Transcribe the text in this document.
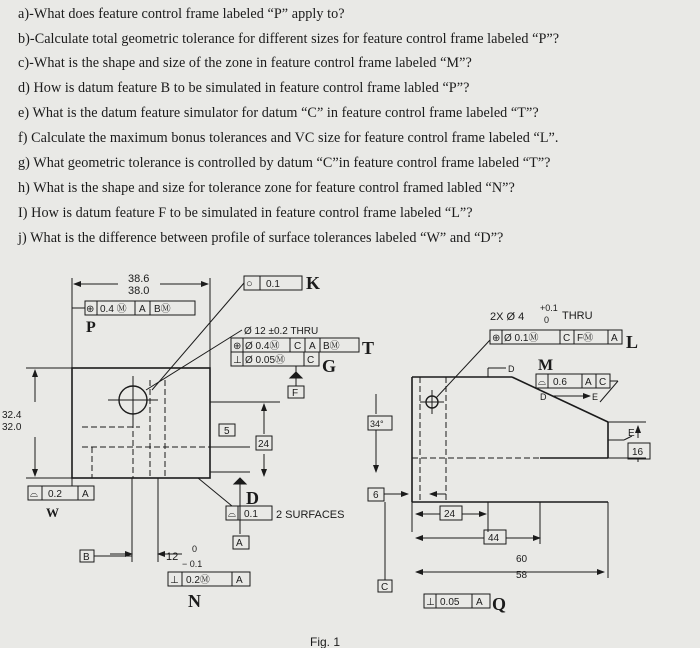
a)-What does feature control frame labeled “P” apply to?
b)-Calculate total geometric tolerance for different sizes for feature control frame labeled “P”?
c)-What is the shape and size of the zone in feature control frame labeled “M”?
d) How is datum feature B to be simulated in feature control frame labled “P”?
e) What is the datum feature simulator for datum “C” in feature control frame labeled “T”?
f) Calculate the maximum bonus tolerances and VC size for feature control frame labeled “L”.
g) What geometric tolerance is controlled by datum “C”in feature control frame labeled “T”?
h) What is the shape and size for tolerance zone for feature control framed labled “N”?
I) How is datum feature F to be simulated in feature control frame labeled “L”?
j) What is the difference between profile of surface tolerances labeled “W” and “D”?
38.6
38.0
⊕ 0.4 Ⓜ A BⓂ
P
○ 0.1 K
Ø 12 ±0.2 THRU
⊕ Ø 0.4Ⓜ C A BⓂ T
⊥ Ø 0.05Ⓜ C G
F
32.4
32.0	5
24
⌓ 0.2 A
W
D
⌓ 0.1 2 SURFACES
A
B	12
0
− 0.1
⊥ 0.2Ⓜ	A
N
2X Ø 4
+0.1
0 THRU
⊕ Ø 0.1Ⓜ C FⓂ A L
M
D
⌓ 0.6 A C
D	E
E
16
34°
6
24
44
60
58
C
⊥ 0.05 A Q
Fig. 1
